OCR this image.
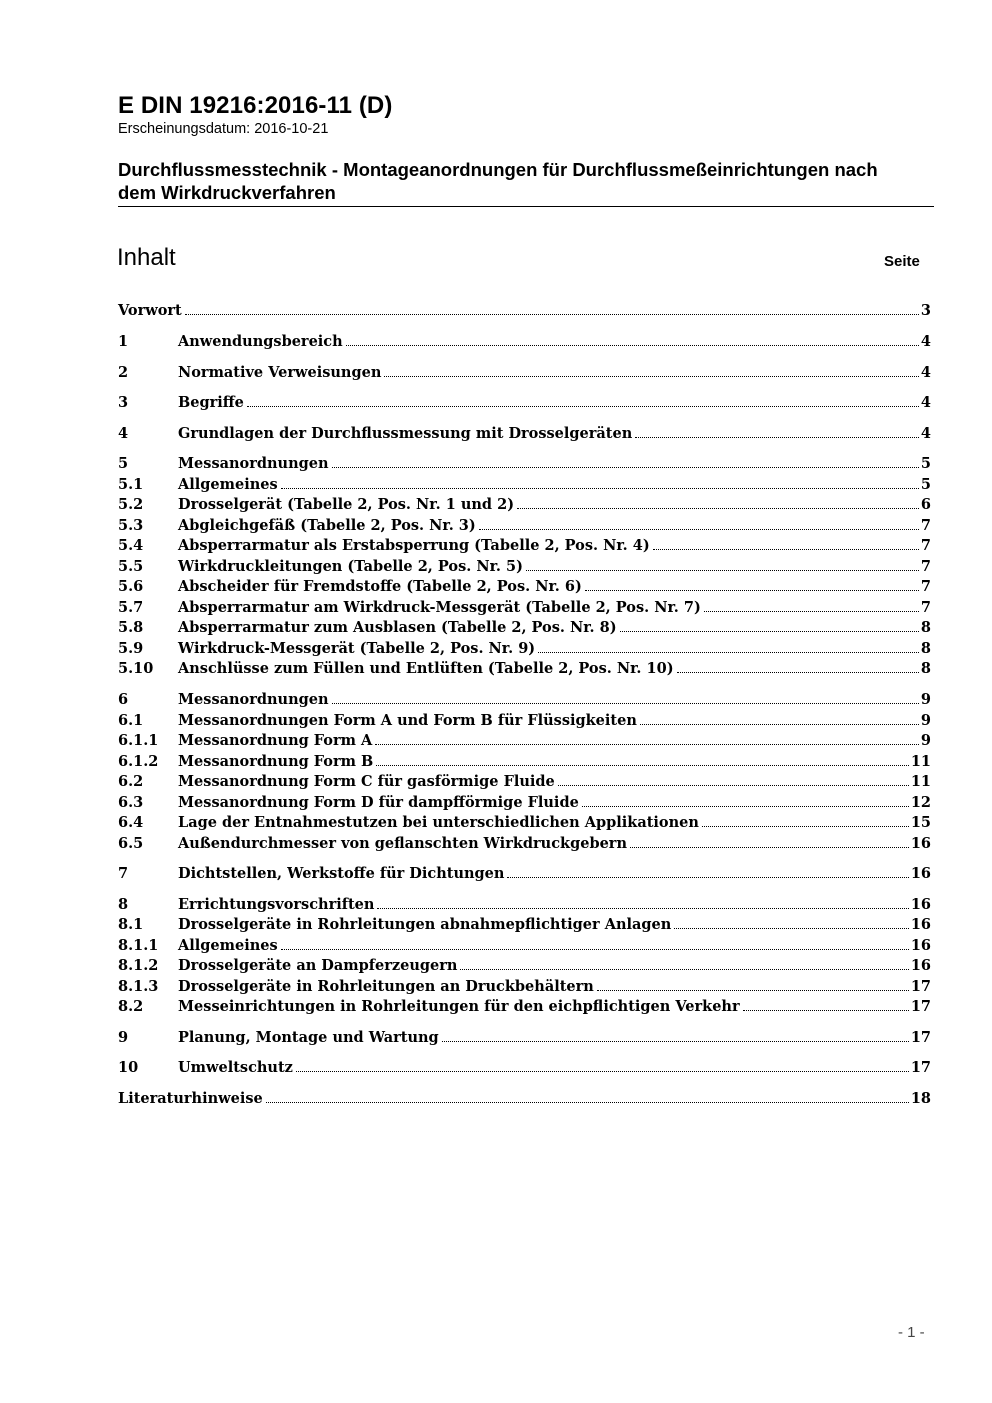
E DIN 19216:2016-11 (D)

Erscheinungsdatum: 2016-10-21

Durchflussmesstechnik - Montageanordnungen für Durchflussmeßeinrichtungen nach dem Wirkdruckverfahren
Inhalt	Seite

Vorwort	3
1	Anwendungsbereich	4
2	Normative Verweisungen	4
3	Begriffe	4
4	Grundlagen der Durchflussmessung mit Drosselgeräten	4
5	Messanordnungen	5
5.1	Allgemeines	5
5.2	Drosselgerät (Tabelle 2, Pos. Nr. 1 und 2)	6
5.3	Abgleichgefäß (Tabelle 2, Pos. Nr. 3)	7
5.4	Absperrarmatur als Erstabsperrung (Tabelle 2, Pos. Nr. 4)	7
5.5	Wirkdruckleitungen (Tabelle 2, Pos. Nr. 5)	7
5.6	Abscheider für Fremdstoffe (Tabelle 2, Pos. Nr. 6)	7
5.7	Absperrarmatur am Wirkdruck-Messgerät (Tabelle 2, Pos. Nr. 7)	7
5.8	Absperrarmatur zum Ausblasen (Tabelle 2, Pos. Nr. 8)	8
5.9	Wirkdruck-Messgerät (Tabelle 2, Pos. Nr. 9)	8
5.10	Anschlüsse zum Füllen und Entlüften (Tabelle 2, Pos. Nr. 10)	8
6	Messanordnungen	9
6.1	Messanordnungen Form A und Form B für Flüssigkeiten	9
6.1.1	Messanordnung Form A	9
6.1.2	Messanordnung Form B	11
6.2	Messanordnung Form C für gasförmige Fluide	11
6.3	Messanordnung Form D für dampfförmige Fluide	12
6.4	Lage der Entnahmestutzen bei unterschiedlichen Applikationen	15
6.5	Außendurchmesser von geflanschten Wirkdruckgebern	16
7	Dichtstellen, Werkstoffe für Dichtungen	16
8	Errichtungsvorschriften	16
8.1	Drosselgeräte in Rohrleitungen abnahmepflichtiger Anlagen	16
8.1.1	Allgemeines	16
8.1.2	Drosselgeräte an Dampferzeugern	16
8.1.3	Drosselgeräte in Rohrleitungen an Druckbehältern	17
8.2	Messeinrichtungen in Rohrleitungen für den eichpflichtigen Verkehr	17
9	Planung, Montage und Wartung	17
10	Umweltschutz	17
Literaturhinweise	18

- 1 -
